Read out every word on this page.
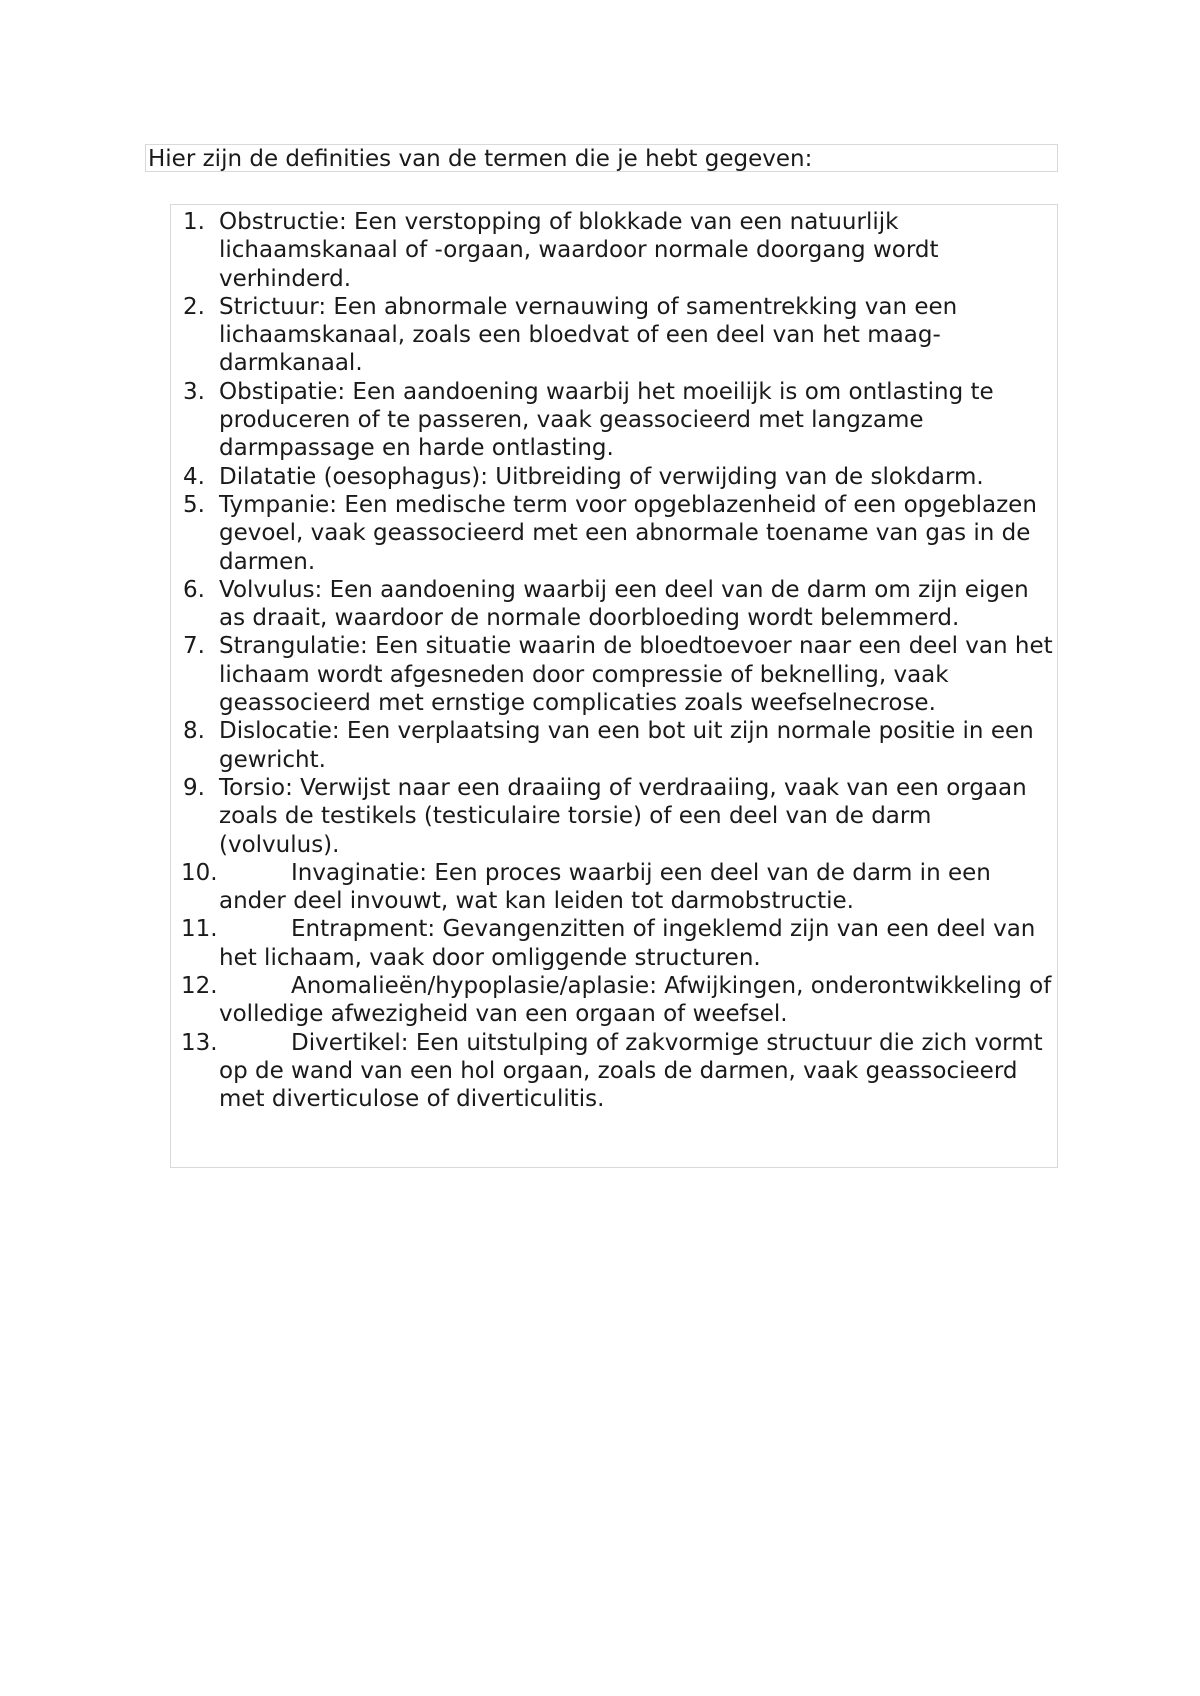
Hier zijn de definities van de termen die je hebt gegeven:
1. Obstructie: Een verstopping of blokkade van een natuurlijk lichaamskanaal of -orgaan, waardoor normale doorgang wordt verhinderd.
2. Strictuur: Een abnormale vernauwing of samentrekking van een lichaamskanaal, zoals een bloedvat of een deel van het maag-darmkanaal.
3. Obstipatie: Een aandoening waarbij het moeilijk is om ontlasting te produceren of te passeren, vaak geassocieerd met langzame darmpassage en harde ontlasting.
4. Dilatatie (oesophagus): Uitbreiding of verwijding van de slokdarm.
5. Tympanie: Een medische term voor opgeblazenheid of een opgeblazen gevoel, vaak geassocieerd met een abnormale toename van gas in de darmen.
6. Volvulus: Een aandoening waarbij een deel van de darm om zijn eigen as draait, waardoor de normale doorbloeding wordt belemmerd.
7. Strangulatie: Een situatie waarin de bloedtoevoer naar een deel van het lichaam wordt afgesneden door compressie of beknelling, vaak geassocieerd met ernstige complicaties zoals weefselnecrose.
8. Dislocatie: Een verplaatsing van een bot uit zijn normale positie in een gewricht.
9. Torsio: Verwijst naar een draaiing of verdraaiing, vaak van een orgaan zoals de testikels (testiculaire torsie) of een deel van de darm (volvulus).
10.	Invaginatie: Een proces waarbij een deel van de darm in een ander deel invouwt, wat kan leiden tot darmobstructie.
11.	Entrapment: Gevangenzitten of ingeklemd zijn van een deel van het lichaam, vaak door omliggende structuren.
12.	Anomalieën/hypoplasie/aplasie: Afwijkingen, onderontwikkeling of volledige afwezigheid van een orgaan of weefsel.
13.	Divertikel: Een uitstulping of zakvormige structuur die zich vormt op de wand van een hol orgaan, zoals de darmen, vaak geassocieerd met diverticulose of diverticulitis.
